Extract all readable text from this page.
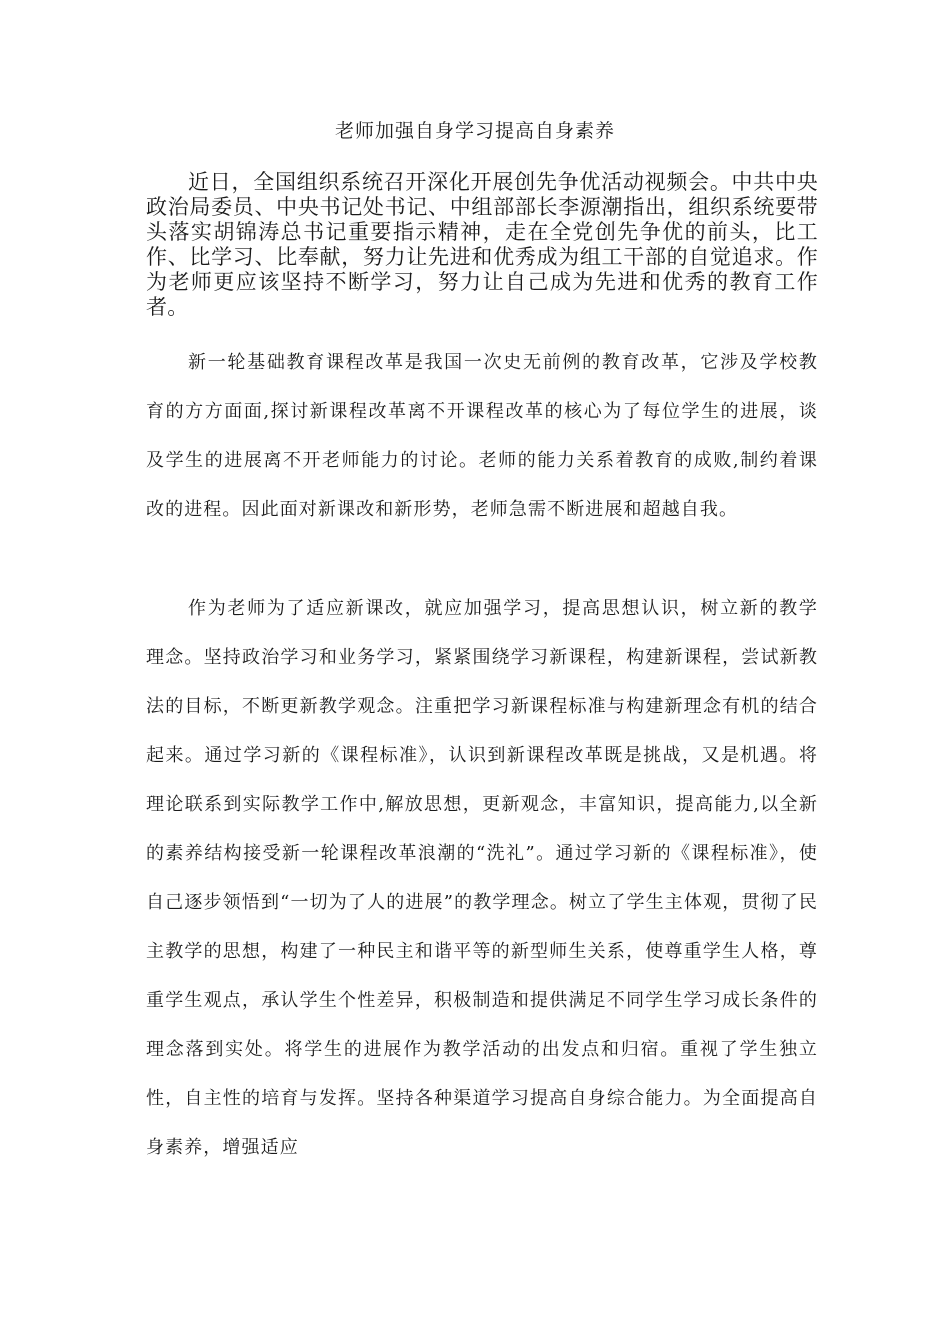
老师加强自身学习提高自身素养

近日，全国组织系统召开深化开展创先争优活动视频会。中共中央政治局委员、中央书记处书记、中组部部长李源潮指出，组织系统要带头落实胡锦涛总书记重要指示精神，走在全党创先争优的前头，比工作、比学习、比奉献，努力让先进和优秀成为组工干部的自觉追求。作为老师更应该坚持不断学习，努力让自己成为先进和优秀的教育工作者。

新一轮基础教育课程改革是我国一次史无前例的教育改革，它涉及学校教育的方方面面,探讨新课程改革离不开课程改革的核心为了每位学生的进展，谈及学生的进展离不开老师能力的讨论。老师的能力关系着教育的成败,制约着课改的进程。因此面对新课改和新形势，老师急需不断进展和超越自我。

作为老师为了适应新课改，就应加强学习，提高思想认识，树立新的教学理念。坚持政治学习和业务学习，紧紧围绕学习新课程，构建新课程，尝试新教法的目标，不断更新教学观念。注重把学习新课程标准与构建新理念有机的结合起来。通过学习新的《课程标准》，认识到新课程改革既是挑战，又是机遇。将理论联系到实际教学工作中,解放思想，更新观念，丰富知识，提高能力,以全新的素养结构接受新一轮课程改革浪潮的“洗礼”。通过学习新的《课程标准》，使自己逐步领悟到“一切为了人的进展”的教学理念。树立了学生主体观，贯彻了民主教学的思想，构建了一种民主和谐平等的新型师生关系，使尊重学生人格，尊重学生观点，承认学生个性差异，积极制造和提供满足不同学生学习成长条件的理念落到实处。将学生的进展作为教学活动的出发点和归宿。重视了学生独立性，自主性的培育与发挥。坚持各种渠道学习提高自身综合能力。为全面提高自身素养，增强适应
